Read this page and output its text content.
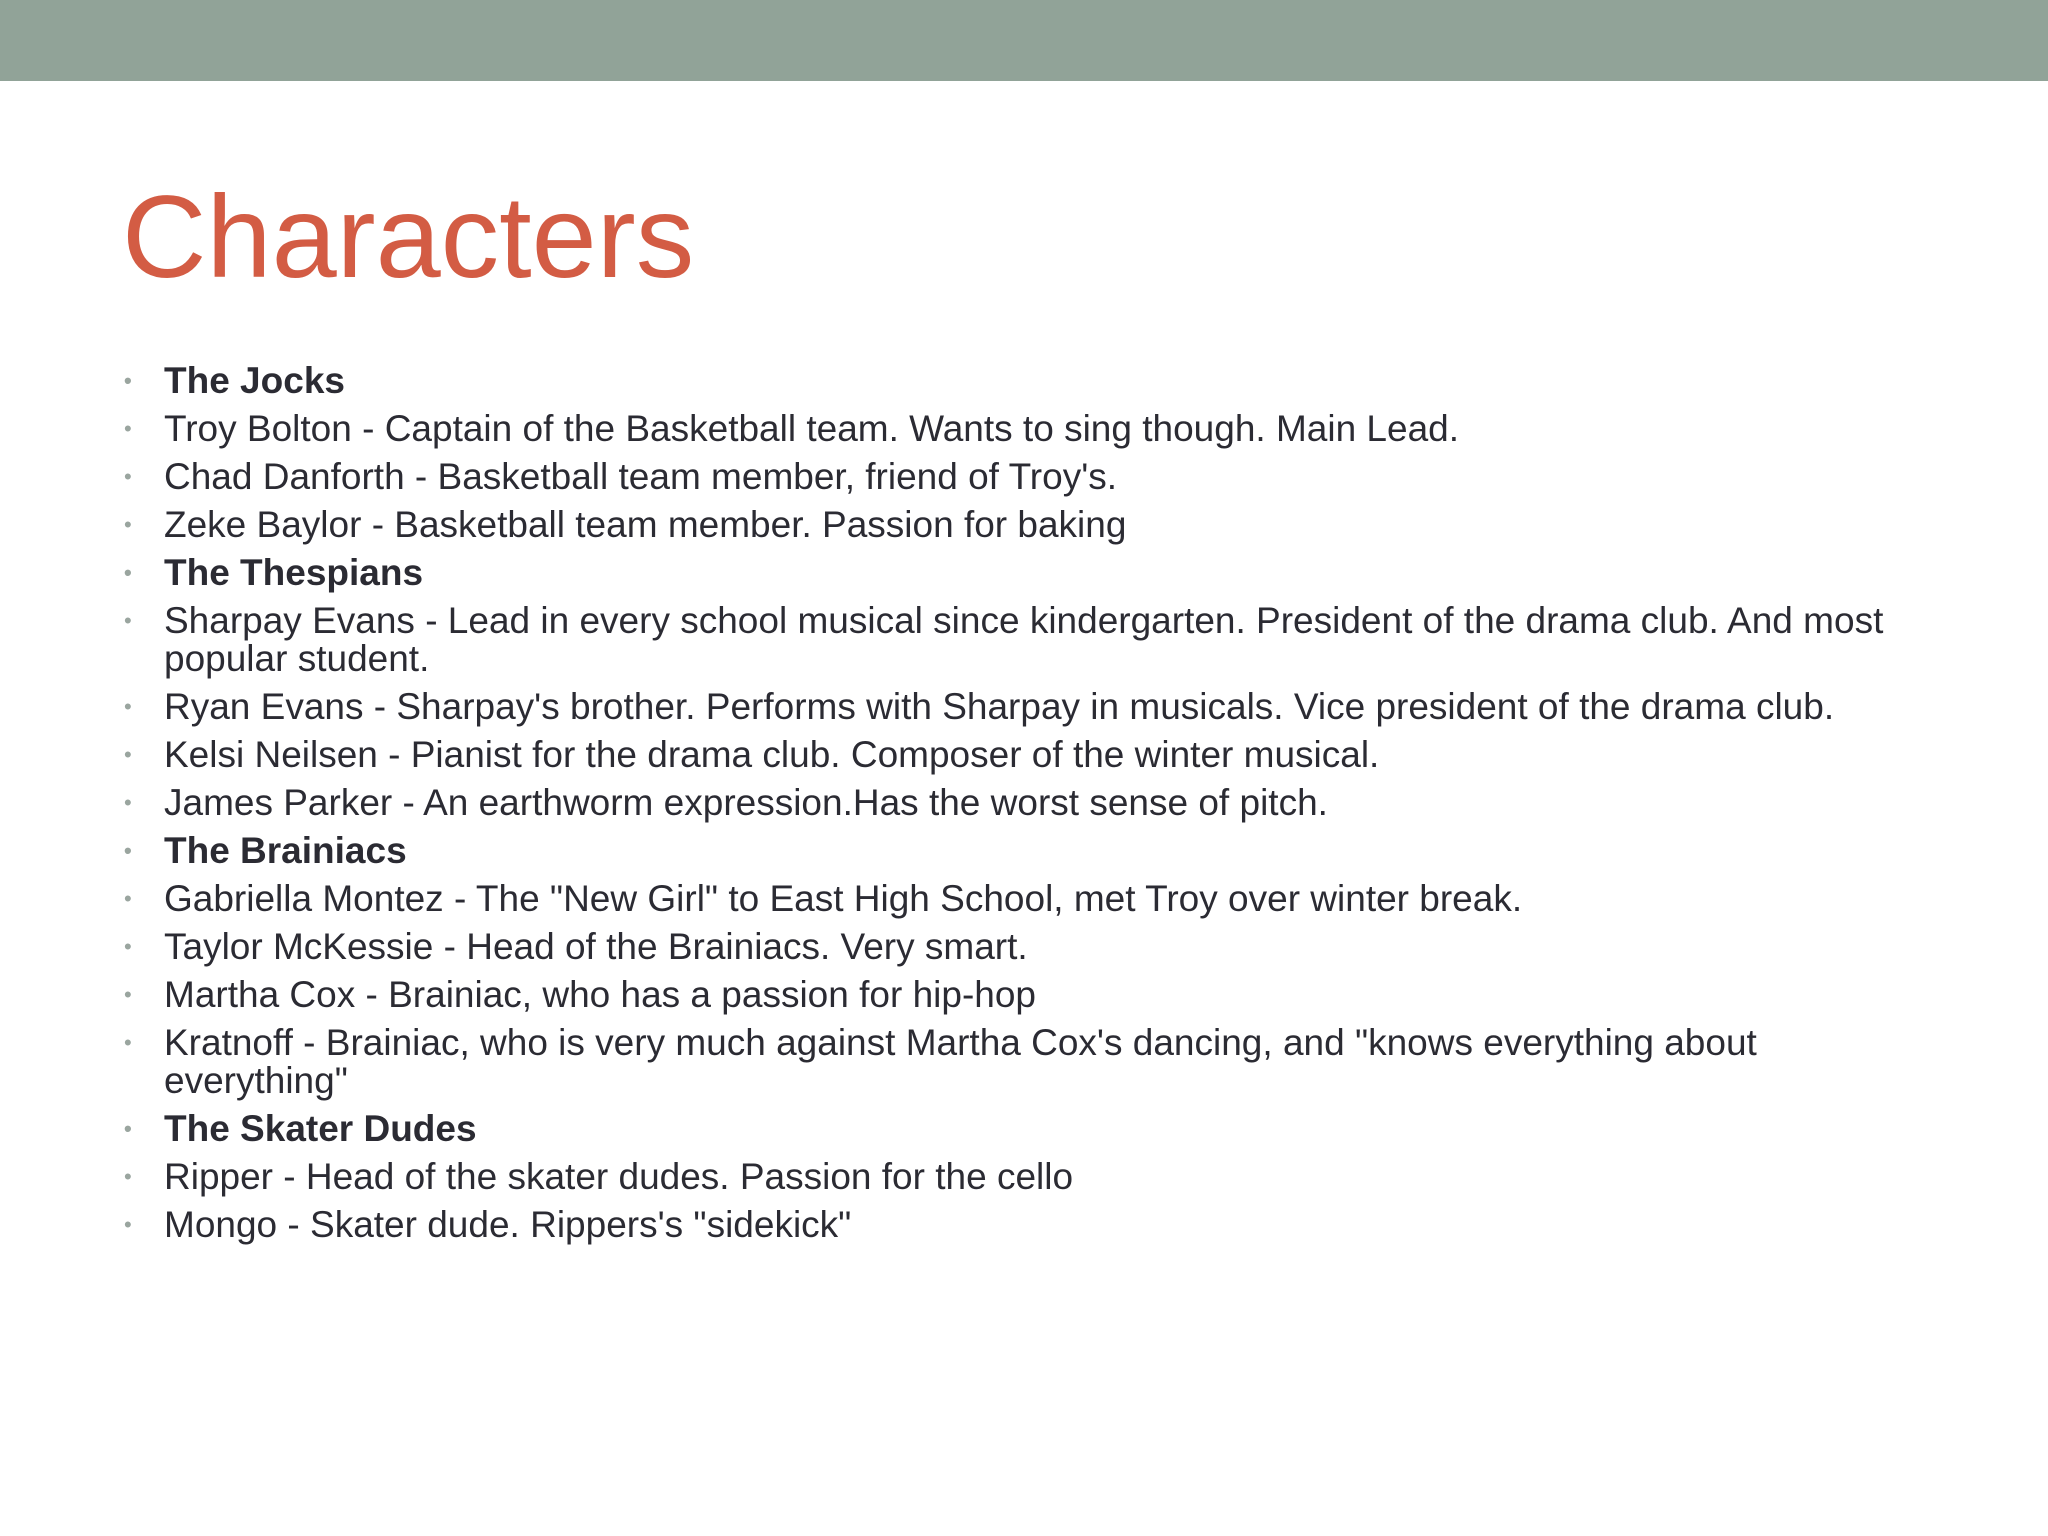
Characters
• The Jocks
• Troy Bolton - Captain of the Basketball team. Wants to sing though. Main Lead.
• Chad Danforth - Basketball team member, friend of Troy's.
• Zeke Baylor - Basketball team member. Passion for baking
• The Thespians
• Sharpay Evans - Lead in every school musical since kindergarten. President of the drama club. And most popular student.
• Ryan Evans - Sharpay's brother. Performs with Sharpay in musicals. Vice president of the drama club.
• Kelsi Neilsen - Pianist for the drama club. Composer of the winter musical.
• James Parker - An earthworm expression.Has the worst sense of pitch.
• The Brainiacs
• Gabriella Montez - The "New Girl" to East High School, met Troy over winter break.
• Taylor McKessie - Head of the Brainiacs. Very smart.
• Martha Cox - Brainiac, who has a passion for hip-hop
• Kratnoff - Brainiac, who is very much against Martha Cox's dancing, and "knows everything about everything"
• The Skater Dudes
• Ripper - Head of the skater dudes. Passion for the cello
• Mongo - Skater dude. Rippers's "sidekick"
